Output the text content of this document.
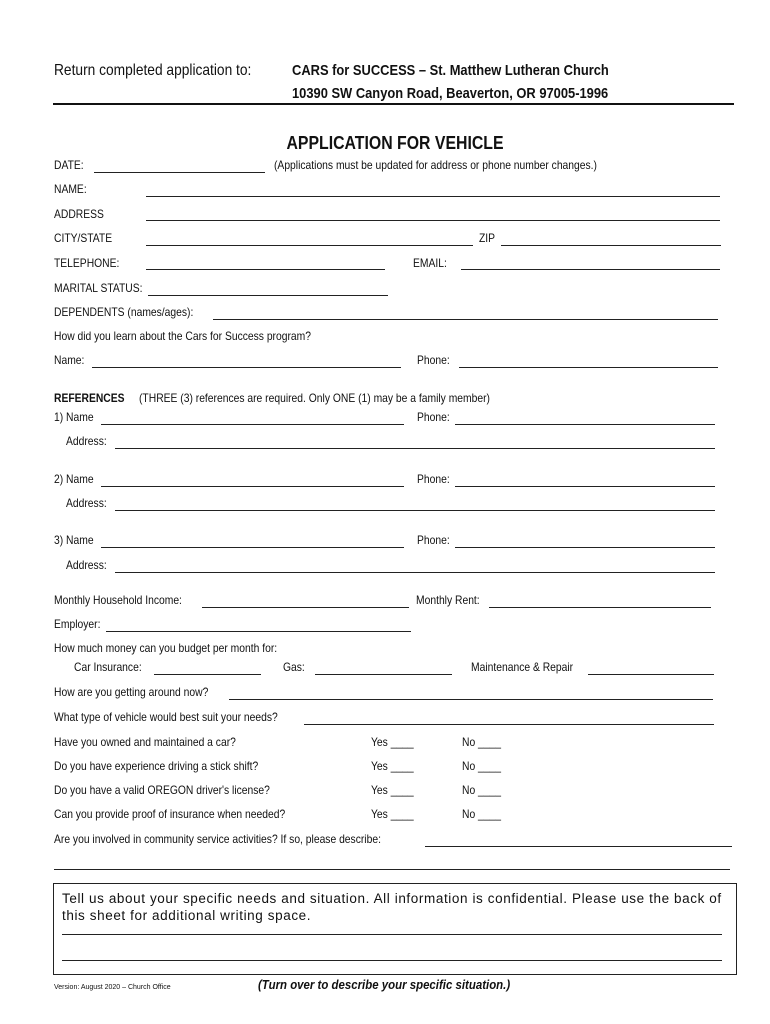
Return completed application to:	CARS for SUCCESS – St. Matthew Lutheran Church
10390 SW Canyon Road, Beaverton, OR 97005-1996
APPLICATION FOR VEHICLE
DATE:	(Applications must be updated for address or phone number changes.)
NAME:
ADDRESS
CITY/STATE	ZIP
TELEPHONE:	EMAIL:
MARITAL STATUS:
DEPENDENTS (names/ages):
How did you learn about the Cars for Success program?
Name:	Phone:
REFERENCES (THREE (3) references are required. Only ONE (1) may be a family member)
1) Name	Phone:
Address:
2) Name	Phone:
Address:
3) Name	Phone:
Address:
Monthly Household Income:	Monthly Rent:
Employer:
How much money can you budget per month for:
Car Insurance:	Gas:	Maintenance & Repair
How are you getting around now?
What type of vehicle would best suit your needs?
Have you owned and maintained a car?	Yes ____	No ____
Do you have experience driving a stick shift?	Yes ____	No ____
Do you have a valid OREGON driver's license?	Yes ____	No ____
Can you provide proof of insurance when needed?	Yes ____	No ____
Are you involved in community service activities? If so, please describe:
Tell us about your specific needs and situation. All information is confidential. Please use the back of this sheet for additional writing space.
Version: August 2020 – Church Office	(Turn over to describe your specific situation.)
